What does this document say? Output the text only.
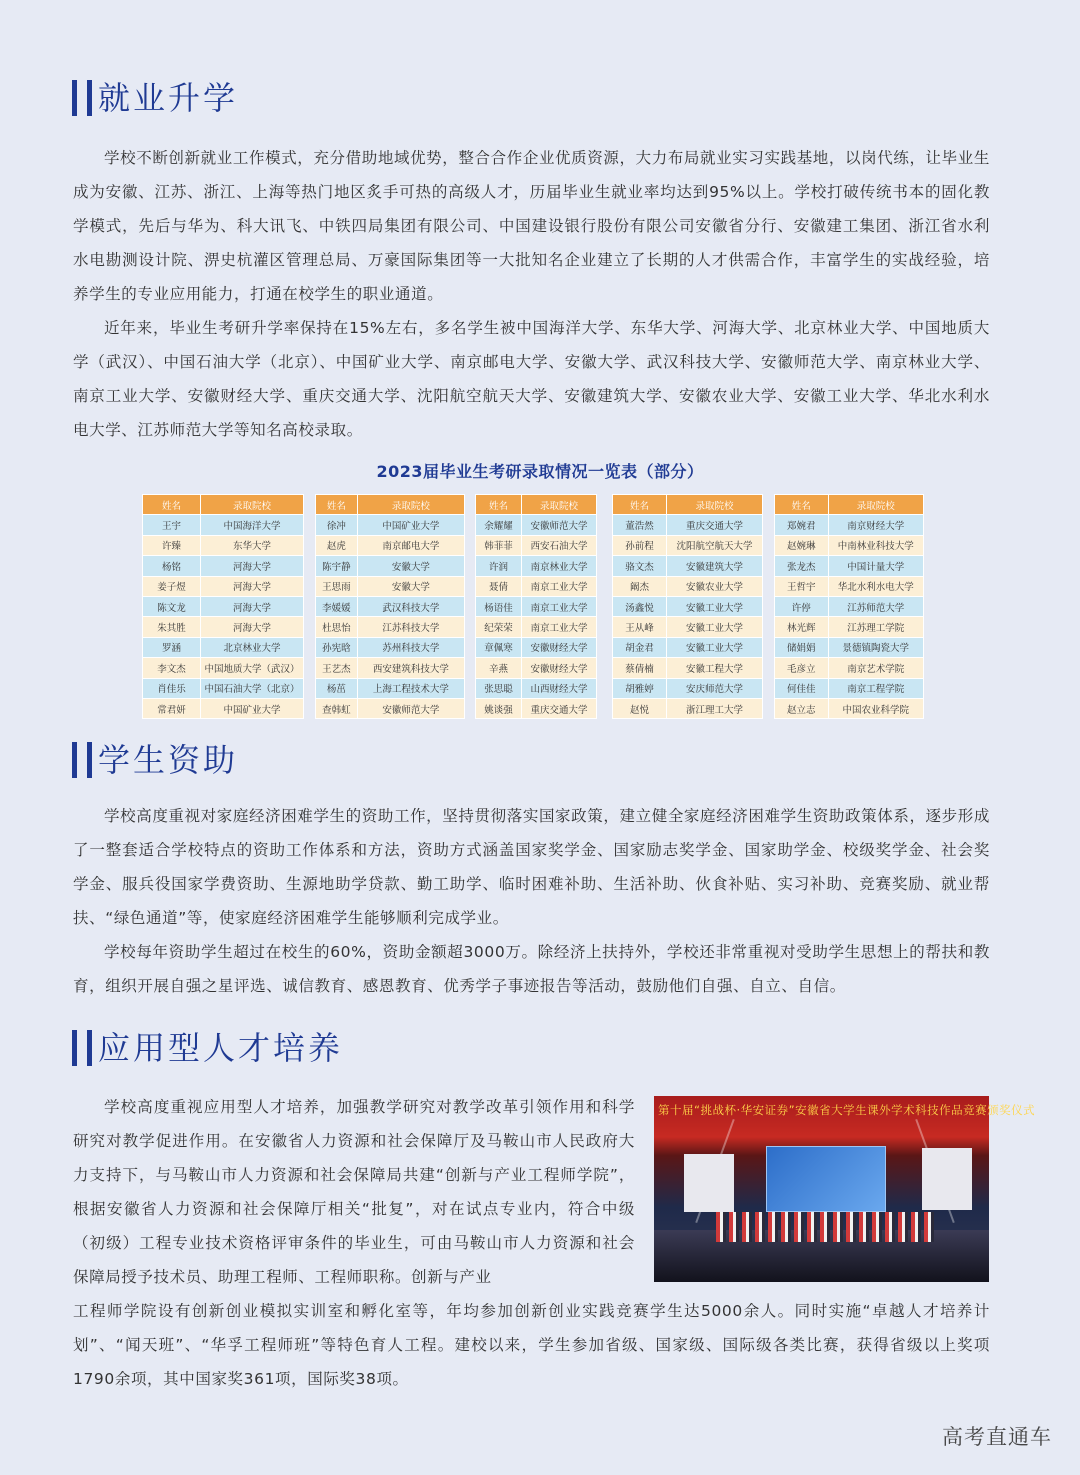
就业升学

学校不断创新就业工作模式，充分借助地域优势，整合合作企业优质资源，大力布局就业实习实践基地，以岗代练，让毕业生成为安徽、江苏、浙江、上海等热门地区炙手可热的高级人才，历届毕业生就业率均达到95%以上。学校打破传统书本的固化教学模式，先后与华为、科大讯飞、中铁四局集团有限公司、中国建设银行股份有限公司安徽省分行、安徽建工集团、浙江省水利水电勘测设计院、淠史杭灌区管理总局、万豪国际集团等一大批知名企业建立了长期的人才供需合作，丰富学生的实战经验，培养学生的专业应用能力，打通在校学生的职业通道。

近年来，毕业生考研升学率保持在15%左右，多名学生被中国海洋大学、东华大学、河海大学、北京林业大学、中国地质大学（武汉）、中国石油大学（北京）、中国矿业大学、南京邮电大学、安徽大学、武汉科技大学、安徽师范大学、南京林业大学、南京工业大学、安徽财经大学、重庆交通大学、沈阳航空航天大学、安徽建筑大学、安徽农业大学、安徽工业大学、华北水利水电大学、江苏师范大学等知名高校录取。

2023届毕业生考研录取情况一览表（部分）
姓名	录取院校
王宇	中国海洋大学
许臻	东华大学
杨铭	河海大学
姜子煜	河海大学
陈文龙	河海大学
朱其胜	河海大学
罗涵	北京林业大学
李文杰	中国地质大学（武汉）
肖佳乐	中国石油大学（北京）
常君妍	中国矿业大学
姓名	录取院校
徐冲	中国矿业大学
赵虎	南京邮电大学
陈宇静	安徽大学
王思雨	安徽大学
李媛媛	武汉科技大学
杜思怡	江苏科技大学
孙宪晗	苏州科技大学
王艺杰	西安建筑科技大学
杨茁	上海工程技术大学
查韩虹	安徽师范大学
姓名	录取院校
余耀耀	安徽师范大学
韩菲菲	西安石油大学
许润	南京林业大学
聂倩	南京工业大学
杨语佳	南京工业大学
纪荣荣	南京工业大学
章佩寒	安徽财经大学
辛燕	安徽财经大学
张思聪	山西财经大学
姚谈强	重庆交通大学
姓名	录取院校
董浩然	重庆交通大学
孙前程	沈阳航空航天大学
骆文杰	安徽建筑大学
阚杰	安徽农业大学
汤鑫悦	安徽工业大学
王从峰	安徽工业大学
胡金君	安徽工业大学
蔡倩楠	安徽工程大学
胡雅婷	安庆师范大学
赵悦	浙江理工大学
姓名	录取院校
郑婉君	南京财经大学
赵婉琳	中南林业科技大学
张龙杰	中国计量大学
王哲宇	华北水利水电大学
许停	江苏师范大学
林光辉	江苏理工学院
储娟娟	景德镇陶瓷大学
毛彦立	南京艺术学院
何佳佳	南京工程学院
赵立志	中国农业科学院
学生资助

学校高度重视对家庭经济困难学生的资助工作，坚持贯彻落实国家政策，建立健全家庭经济困难学生资助政策体系，逐步形成了一整套适合学校特点的资助工作体系和方法，资助方式涵盖国家奖学金、国家励志奖学金、国家助学金、校级奖学金、社会奖学金、服兵役国家学费资助、生源地助学贷款、勤工助学、临时困难补助、生活补助、伙食补贴、实习补助、竞赛奖励、就业帮扶、“绿色通道”等，使家庭经济困难学生能够顺利完成学业。

学校每年资助学生超过在校生的60%，资助金额超3000万。除经济上扶持外，学校还非常重视对受助学生思想上的帮扶和教育，组织开展自强之星评选、诚信教育、感恩教育、优秀学子事迹报告等活动，鼓励他们自强、自立、自信。

应用型人才培养

学校高度重视应用型人才培养，加强教学研究对教学改革引领作用和科学研究对教学促进作用。在安徽省人力资源和社会保障厅及马鞍山市人民政府大力支持下，与马鞍山市人力资源和社会保障局共建“创新与产业工程师学院”，根据安徽省人力资源和社会保障厅相关“批复”，对在试点专业内，符合中级（初级）工程专业技术资格评审条件的毕业生，可由马鞍山市人力资源和社会保障局授予技术员、助理工程师、工程师职称。创新与产业

工程师学院设有创新创业模拟实训室和孵化室等，年均参加创新创业实践竞赛学生达5000余人。同时实施“卓越人才培养计划”、“闻天班”、“华孚工程师班”等特色育人工程。建校以来，学生参加省级、国家级、国际级各类比赛，获得省级以上奖项1790余项，其中国家奖361项，国际奖38项。

第十届“挑战杯·华安证券”安徽省大学生课外学术科技作品竞赛颁奖仪式
高考直通车
